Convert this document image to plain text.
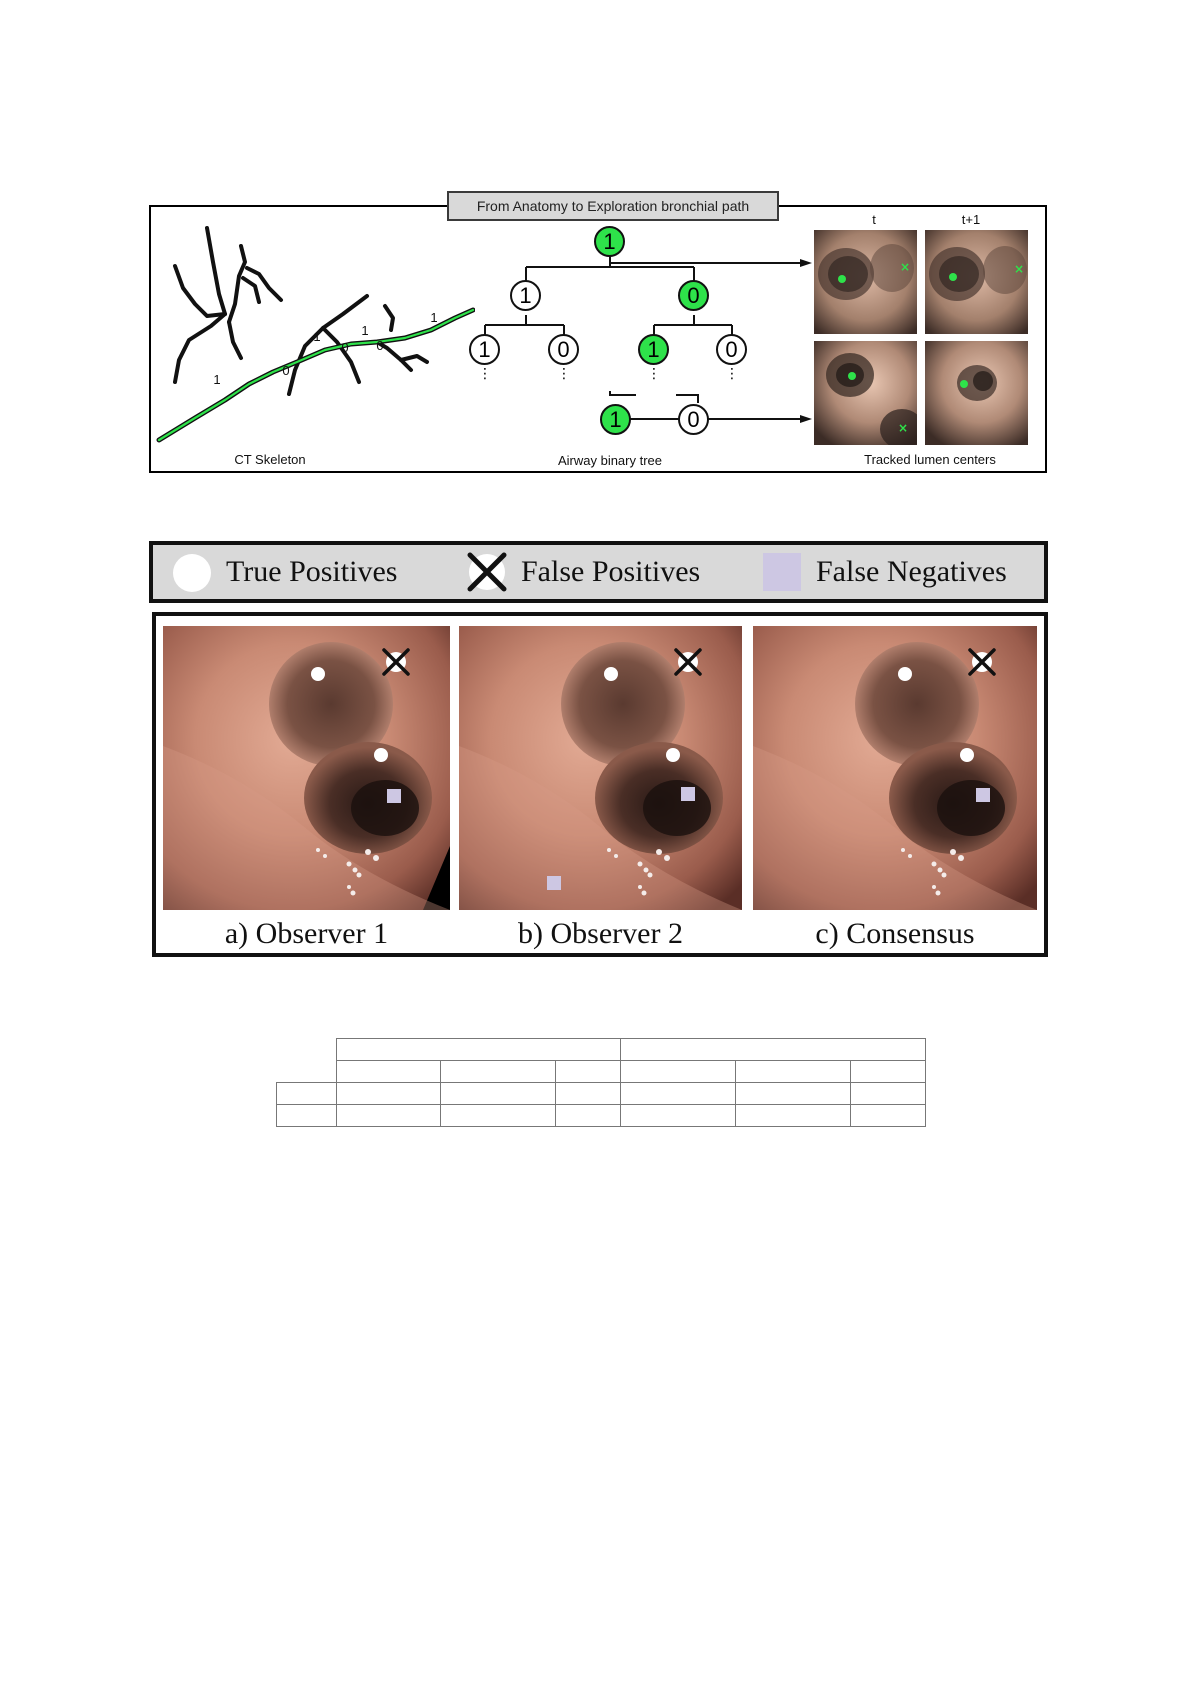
From Anatomy to Exploration bronchial path
1
0
1
0
1
0
1
CT Skeleton
1
1	0
1	0	1	0
1	0
⋮	⋮	⋮	⋮
Airway binary tree
t	t+1
×	×
×
Tracked lumen centers
True Positives	False Positives	False Negatives
a) Observer 1	b) Observer 2	c) Consensus
